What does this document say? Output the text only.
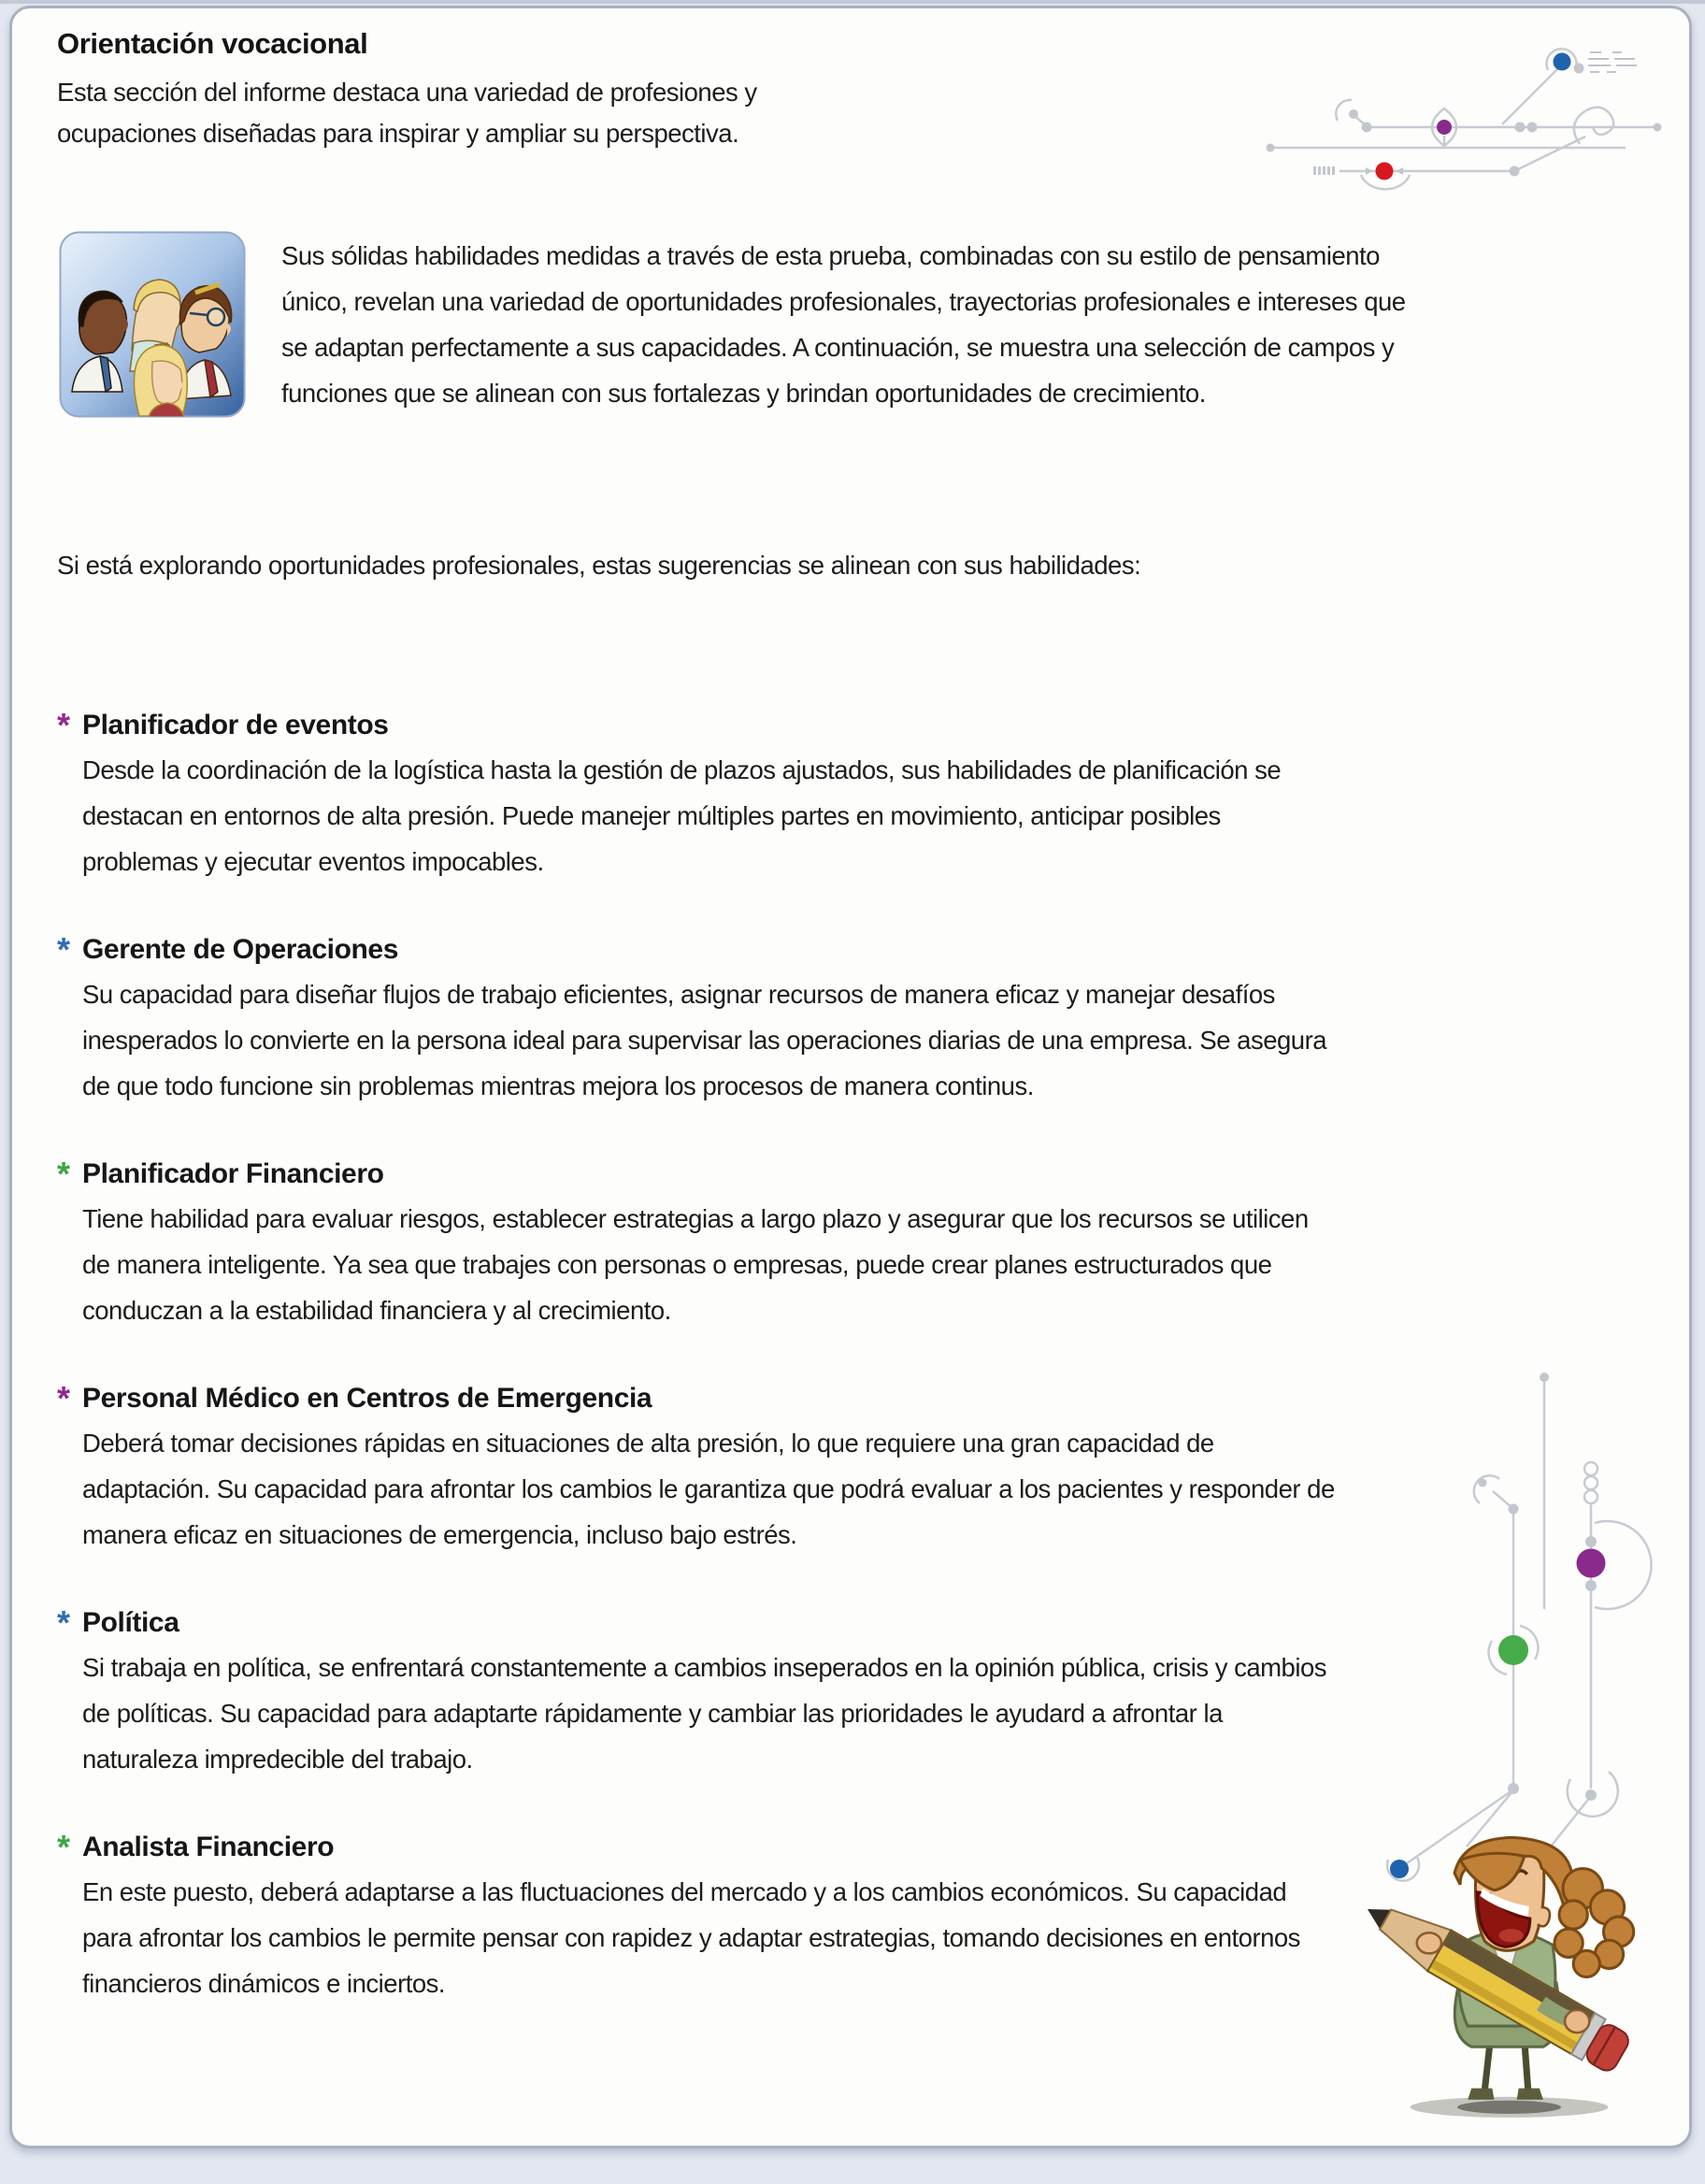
Orientación vocacional

Esta sección del informe destaca una variedad de profesiones y ocupaciones diseñadas para inspirar y ampliar su perspectiva.

Sus sólidas habilidades medidas a través de esta prueba, combinadas con su estilo de pensamiento único, revelan una variedad de oportunidades profesionales, trayectorias profesionales e intereses que se adaptan perfectamente a sus capacidades. A continuación, se muestra una selección de campos y funciones que se alinean con sus fortalezas y brindan oportunidades de crecimiento.

Si está explorando oportunidades profesionales, estas sugerencias se alinean con sus habilidades:

* Planificador de eventos

Desde la coordinación de la logística hasta la gestión de plazos ajustados, sus habilidades de planificación se destacan en entornos de alta presión. Puede manejer múltiples partes en movimiento, anticipar posibles problemas y ejecutar eventos impocables.

* Gerente de Operaciones

Su capacidad para diseñar flujos de trabajo eficientes, asignar recursos de manera eficaz y manejar desafíos inesperados lo convierte en la persona ideal para supervisar las operaciones diarias de una empresa. Se asegura de que todo funcione sin problemas mientras mejora los procesos de manera continus.

* Planificador Financiero

Tiene habilidad para evaluar riesgos, establecer estrategias a largo plazo y asegurar que los recursos se utilicen de manera inteligente. Ya sea que trabajes con personas o empresas, puede crear planes estructurados que conduczan a la estabilidad financiera y al crecimiento.

* Personal Médico en Centros de Emergencia

Deberá tomar decisiones rápidas en situaciones de alta presión, lo que requiere una gran capacidad de adaptación. Su capacidad para afrontar los cambios le garantiza que podrá evaluar a los pacientes y responder de manera eficaz en situaciones de emergencia, incluso bajo estrés.

* Política

Si trabaja en política, se enfrentará constantemente a cambios inseperados en la opinión pública, crisis y cambios de políticas. Su capacidad para adaptarte rápidamente y cambiar las prioridades le ayudard a afrontar la naturaleza impredecible del trabajo.

* Analista Financiero

En este puesto, deberá adaptarse a las fluctuaciones del mercado y a los cambios económicos. Su capacidad para afrontar los cambios le permite pensar con rapidez y adaptar estrategias, tomando decisiones en entornos financieros dinámicos e inciertos.
